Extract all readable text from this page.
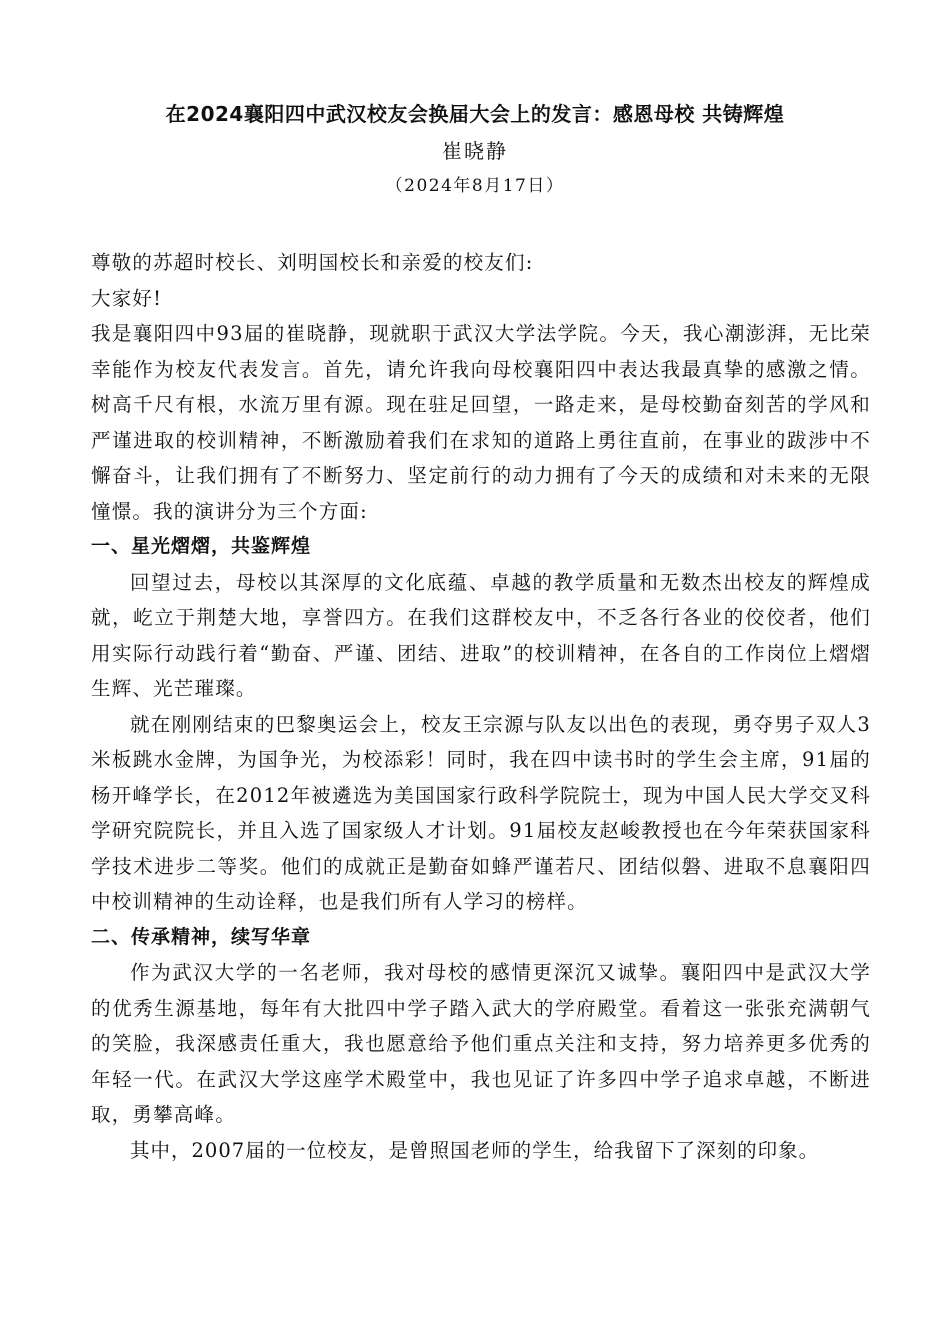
在2024襄阳四中武汉校友会换届大会上的发言：感恩母校 共铸辉煌
崔晓静
（2024年8月17日）

尊敬的苏超时校长、刘明国校长和亲爱的校友们:

大家好!

我是襄阳四中93届的崔晓静，现就职于武汉大学法学院。今天，我心潮澎湃，无比荣幸能作为校友代表发言。首先，请允许我向母校襄阳四中表达我最真挚的感激之情。树高千尺有根，水流万里有源。现在驻足回望，一路走来，是母校勤奋刻苦的学风和严谨进取的校训精神，不断激励着我们在求知的道路上勇往直前，在事业的跋涉中不懈奋斗，让我们拥有了不断努力、坚定前行的动力拥有了今天的成绩和对未来的无限憧憬。我的演讲分为三个方面:

一、星光熠熠，共鉴辉煌

回望过去，母校以其深厚的文化底蕴、卓越的教学质量和无数杰出校友的辉煌成就，屹立于荆楚大地，享誉四方。在我们这群校友中，不乏各行各业的佼佼者，他们用实际行动践行着“勤奋、严谨、团结、进取”的校训精神，在各自的工作岗位上熠熠生辉、光芒璀璨。

就在刚刚结束的巴黎奥运会上，校友王宗源与队友以出色的表现，勇夺男子双人3米板跳水金牌，为国争光，为校添彩！同时，我在四中读书时的学生会主席，91届的杨开峰学长，在2012年被遴选为美国国家行政科学院院士，现为中国人民大学交叉科学研究院院长，并且入选了国家级人才计划。91届校友赵峻教授也在今年荣获国家科学技术进步二等奖。他们的成就正是勤奋如蜂严谨若尺、团结似磐、进取不息襄阳四中校训精神的生动诠释，也是我们所有人学习的榜样。

二、传承精神，续写华章

作为武汉大学的一名老师，我对母校的感情更深沉又诚挚。襄阳四中是武汉大学的优秀生源基地，每年有大批四中学子踏入武大的学府殿堂。看着这一张张充满朝气的笑脸，我深感责任重大，我也愿意给予他们重点关注和支持，努力培养更多优秀的年轻一代。在武汉大学这座学术殿堂中，我也见证了许多四中学子追求卓越，不断进取，勇攀高峰。

其中，2007届的一位校友，是曾照国老师的学生，给我留下了深刻的印象。
